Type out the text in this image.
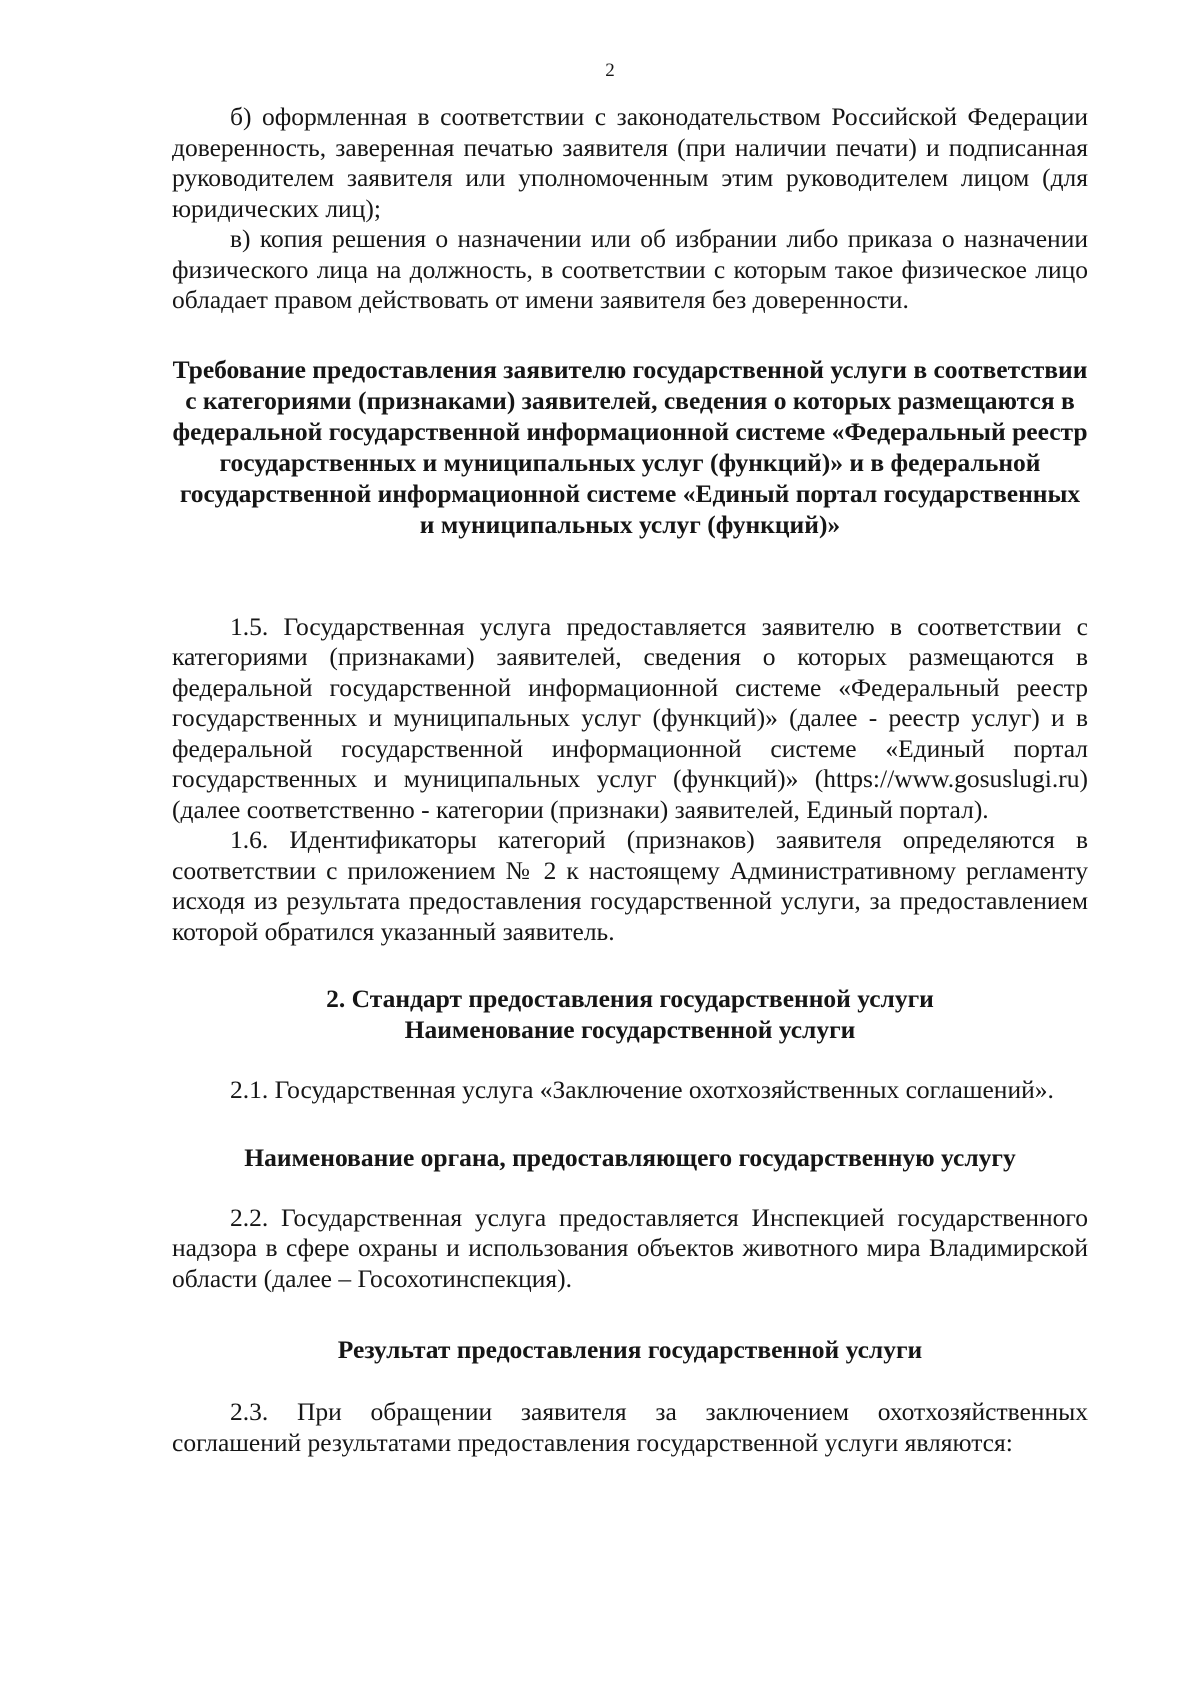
2

б) оформленная в соответствии с законодательством Российской Федерации доверенность, заверенная печатью заявителя (при наличии печати) и подписанная руководителем заявителя или уполномоченным этим руководителем лицом (для юридических лиц);

в) копия решения о назначении или об избрании либо приказа о назначении физического лица на должность, в соответствии с которым такое физическое лицо обладает правом действовать от имени заявителя без доверенности.

Требование предоставления заявителю государственной услуги в соответствии с категориями (признаками) заявителей, сведения о которых размещаются в федеральной государственной информационной системе «Федеральный реестр государственных и муниципальных услуг (функций)» и в федеральной государственной информационной системе «Единый портал государственных и муниципальных услуг (функций)»

1.5. Государственная услуга предоставляется заявителю в соответствии с категориями (признаками) заявителей, сведения о которых размещаются в федеральной государственной информационной системе «Федеральный реестр государственных и муниципальных услуг (функций)» (далее - реестр услуг) и в федеральной государственной информационной системе «Единый портал государственных и муниципальных услуг (функций)» (https://www.gosuslugi.ru) (далее соответственно - категории (признаки) заявителей, Единый портал).

1.6. Идентификаторы категорий (признаков) заявителя определяются в соответствии с приложением № 2 к настоящему Административному регламенту исходя из результата предоставления государственной услуги, за предоставлением которой обратился указанный заявитель.

2. Стандарт предоставления государственной услуги
Наименование государственной услуги

2.1. Государственная услуга «Заключение охотхозяйственных соглашений».

Наименование органа, предоставляющего государственную услугу

2.2. Государственная услуга предоставляется Инспекцией государственного надзора в сфере охраны и использования объектов животного мира Владимирской области (далее – Госохотинспекция).

Результат предоставления государственной услуги

2.3. При обращении заявителя за заключением охотхозяйственных соглашений результатами предоставления государственной услуги являются:
